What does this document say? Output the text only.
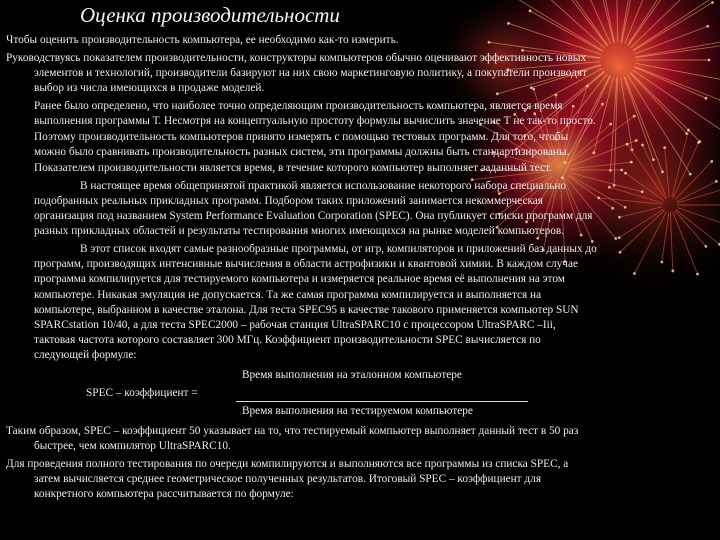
Оценка производительности
Чтобы оценить производительность компьютера, ее необходимо как-то измерить.
Руководствуясь показателем производительности, конструкторы компьютеров обычно оценивают эффективность новых
элементов и технологий, производители базируют на них свою маркетинговую политику, а покупатели производят
выбор из числа имеющихся в продаже моделей.
Ранее было определено, что наиболее точно определяющим производительность компьютера, является время
выполнения программы Т. Несмотря на концептуальную простоту формулы вычислить значение Т не так-то просто.
Поэтому производительность компьютеров принято измерять с помощью тестовых программ. Для того, чтобы
можно было сравнивать производительность разных систем, эти программы должны быть стандартизированы.
Показателем производительности является время, в течение которого компьютер выполняет заданный тест.
В настоящее время общепринятой практикой является использование некоторого набора специально
подобранных реальных прикладных программ. Подбором таких приложений занимается некоммерческая
организация под названием System Performance Evaluation Corporation (SPEC). Она публикует списки программ для
разных прикладных областей и результаты тестирования многих имеющихся на рынке моделей компьютеров.
В этот список входят самые разнообразные программы, от игр, компиляторов и приложений баз данных до
программ, производящих интенсивные вычисления в области астрофизики и квантовой химии. В каждом случае
программа компилируется для тестируемого компьютера и измеряется реальное время её выполнения на этом
компьютере. Никакая эмуляция не допускается. Та же самая программа компилируется и выполняется на
компьютере, выбранном в качестве эталона. Для теста SPEC95 в качестве такового применяется компьютер SUN
SPARCstation 10/40, а для теста SPEC2000 – рабочая станция UltraSPARC10 с процессором UltraSPARC –Iii,
тактовая частота которого составляет 300 МГц. Коэффициент производительности SPEC вычисляется по
следующей формуле:
Время выполнения на эталонном компьютере
SPEC – коэффициент =
Время выполнения на тестируемом компьютере
Таким образом, SPEC – коэффициент 50 указывает на то, что тестируемый компьютер выполняет данный тест в 50 раз
быстрее, чем компилятор UltraSPARC10.
Для проведения полного тестирования по очереди компилируются и выполняются все программы из списка SPEC, а
затем вычисляется среднее геометрическое полученных результатов. Итоговый SPEC – коэффициент для
конкретного компьютера рассчитывается по формуле:
